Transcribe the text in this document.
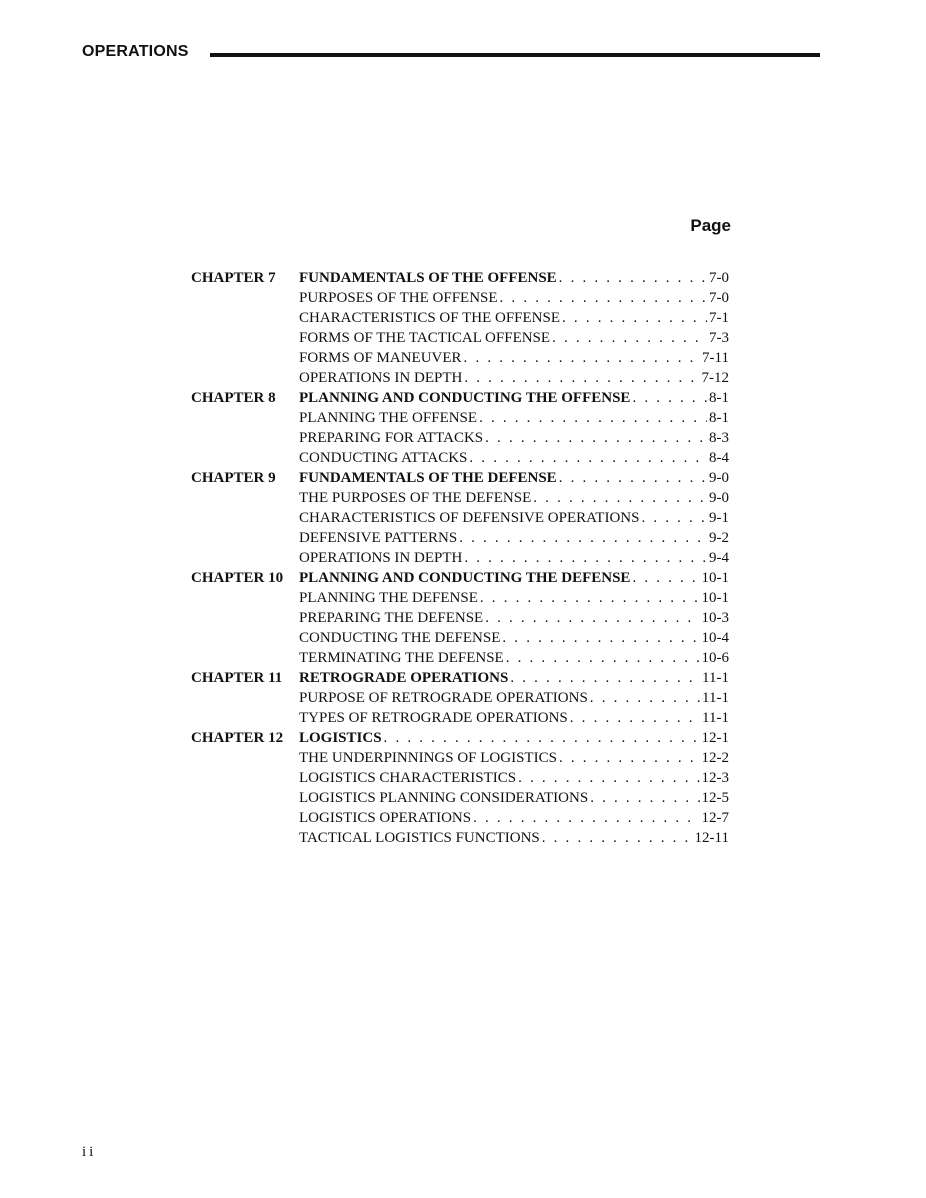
OPERATIONS
Page
CHAPTER 7 FUNDAMENTALS OF THE OFFENSE . . .	7-0
PURPOSES OF THE OFFENSE . . .	7-0
CHARACTERISTICS OF THE OFFENSE . . .	7-1
FORMS OF THE TACTICAL OFFENSE . . .	7-3
FORMS OF MANEUVER . . .	7-11
OPERATIONS IN DEPTH . . .	7-12
CHAPTER 8 PLANNING AND CONDUCTING THE OFFENSE . . .	8-1
PLANNING THE OFFENSE . . .	8-1
PREPARING FOR ATTACKS . . .	8-3
CONDUCTING ATTACKS . . .	8-4
CHAPTER 9 FUNDAMENTALS OF THE DEFENSE . . .	9-0
THE PURPOSES OF THE DEFENSE . . .	9-0
CHARACTERISTICS OF DEFENSIVE OPERATIONS . . .	9-1
DEFENSIVE PATTERNS . . .	9-2
OPERATIONS IN DEPTH . . .	9-4
CHAPTER 10 PLANNING AND CONDUCTING THE DEFENSE . . .	10-1
PLANNING THE DEFENSE . . .	10-1
PREPARING THE DEFENSE . . .	10-3
CONDUCTING THE DEFENSE . . .	10-4
TERMINATING THE DEFENSE . . .	10-6
CHAPTER 11 RETROGRADE OPERATIONS . . .	11-1
PURPOSE OF RETROGRADE OPERATIONS . . .	11-1
TYPES OF RETROGRADE OPERATIONS . . .	11-1
CHAPTER 12 LOGISTICS . . .	12-1
THE UNDERPINNINGS OF LOGISTICS . . .	12-2
LOGISTICS CHARACTERISTICS . . .	12-3
LOGISTICS PLANNING CONSIDERATIONS . . .	12-5
LOGISTICS OPERATIONS . . .	12-7
TACTICAL LOGISTICS FUNCTIONS . . .	12-11
ii
